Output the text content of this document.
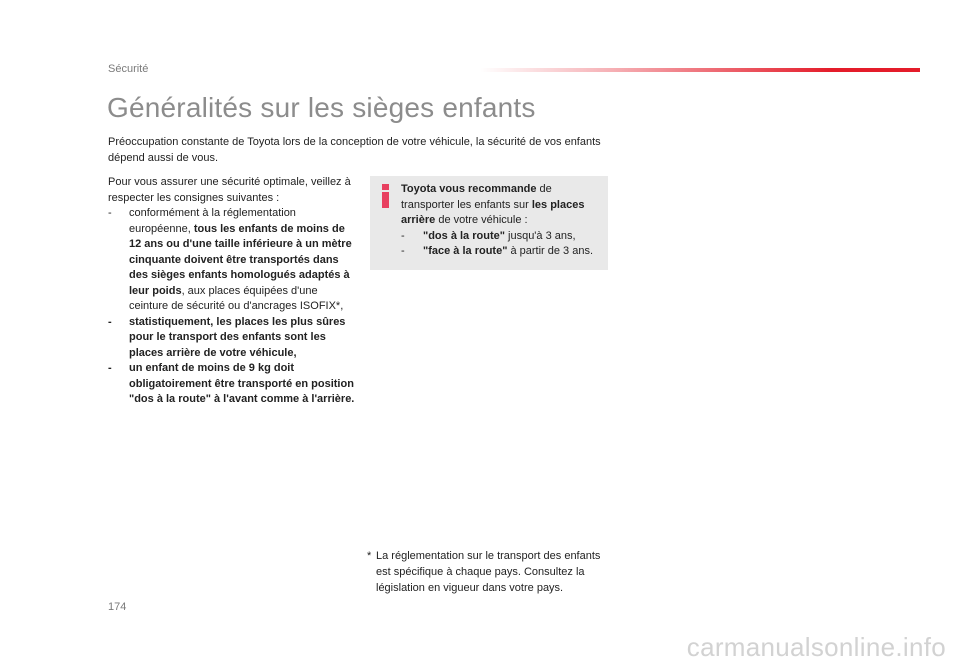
Sécurité
Généralités sur les sièges enfants
Préoccupation constante de Toyota lors de la conception de votre véhicule, la sécurité de vos enfants dépend aussi de vous.

Pour vous assurer une sécurité optimale, veillez à respecter les consignes suivantes :

- conformément à la réglementation européenne, tous les enfants de moins de 12 ans ou d'une taille inférieure à un mètre cinquante doivent être transportés dans des sièges enfants homologués adaptés à leur poids, aux places équipées d'une ceinture de sécurité ou d'ancrages ISOFIX*,

- statistiquement, les places les plus sûres pour le transport des enfants sont les places arrière de votre véhicule,

- un enfant de moins de 9 kg doit obligatoirement être transporté en position "dos à la route" à l'avant comme à l'arrière.

Toyota vous recommande de transporter les enfants sur les places arrière de votre véhicule :

- "dos à la route" jusqu'à 3 ans,

- "face à la route" à partir de 3 ans.

* La réglementation sur le transport des enfants est spécifique à chaque pays. Consultez la législation en vigueur dans votre pays.
174
carmanualsonline.info
